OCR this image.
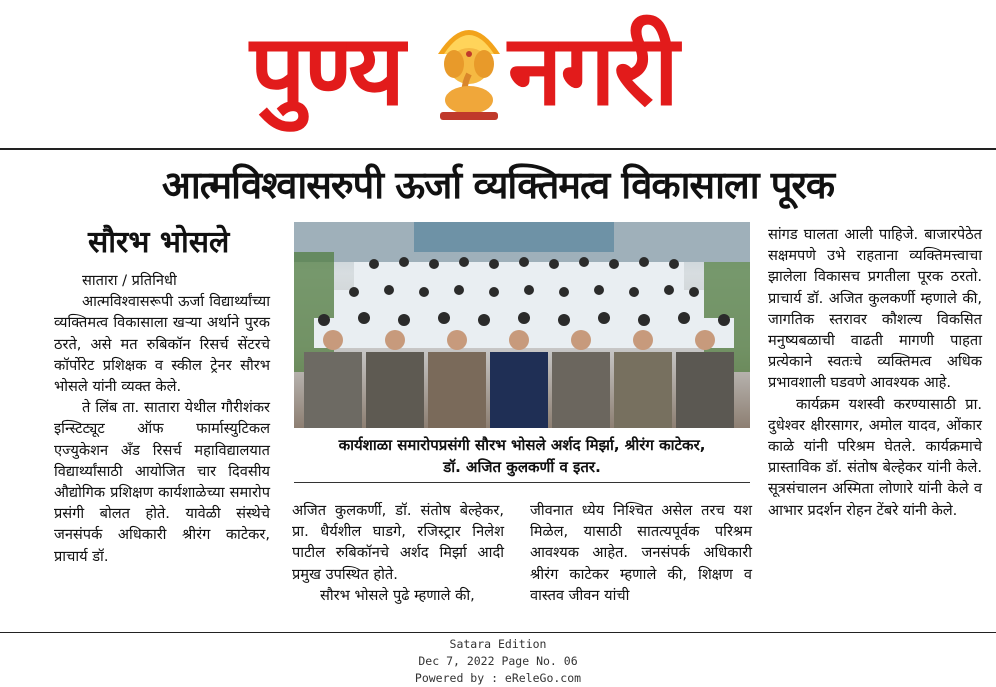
पुण्य नगरी
आत्मविश्वासरुपी ऊर्जा व्यक्तिमत्व विकासाला पूरक
सौरभ भोसले

सातारा / प्रतिनिधी

आत्मविश्वासरूपी ऊर्जा विद्यार्थ्यांच्या व्यक्तिमत्व विकासाला खऱ्या अर्थाने पुरक ठरते, असे मत रुबिकॉन रिसर्च सेंटरचे कॉर्पोरेट प्रशिक्षक व स्कील ट्रेनर सौरभ भोसले यांनी व्यक्त केले.

ते लिंब ता. सातारा येथील गौरीशंकर इन्स्टिट्यूट ऑफ फार्मास्युटिकल एज्युकेशन अँड रिसर्च महाविद्यालयात विद्यार्थ्यांसाठी आयोजित चार दिवसीय औद्योगिक प्रशिक्षण कार्यशाळेच्या समारोप प्रसंगी बोलत होते. यावेळी संस्थेचे जनसंपर्क अधिकारी श्रीरंग काटेकर, प्राचार्य डॉ.

कार्यशाळा समारोपप्रसंगी सौरभ भोसले अर्शद मिर्झा, श्रीरंग काटेकर,
डॉ. अजित कुलकर्णी व इतर.

अजित कुलकर्णी, डॉ. संतोष बेल्हेकर, प्रा. धैर्यशील घाडगे, रजिस्ट्रार निलेश पाटील रुबिकॉनचे अर्शद मिर्झा आदी प्रमुख उपस्थित होते.

सौरभ भोसले पुढे म्हणाले की,

जीवनात ध्येय निश्चित असेल तरच यश मिळेल, यासाठी सातत्यपूर्वक परिश्रम आवश्यक आहेत. जनसंपर्क अधिकारी श्रीरंग काटेकर म्हणाले की, शिक्षण व वास्तव जीवन यांची

सांगड घालता आली पाहिजे. बाजारपेठेत सक्षमपणे उभे राहताना व्यक्तिमत्त्वाचा झालेला विकासच प्रगतीला पूरक ठरतो. प्राचार्य डॉ. अजित कुलकर्णी म्हणाले की, जागतिक स्तरावर कौशल्य विकसित मनुष्यबळाची वाढती मागणी पाहता प्रत्येकाने स्वतःचे व्यक्तिमत्व अधिक प्रभावशाली घडवणे आवश्यक आहे.

कार्यक्रम यशस्वी करण्यासाठी प्रा. दुधेश्वर क्षीरसागर, अमोल यादव, ओंकार काळे यांनी परिश्रम घेतले. कार्यक्रमाचे प्रास्ताविक डॉ. संतोष बेल्हेकर यांनी केले. सूत्रसंचालन अस्मिता लोणारे यांनी केले व आभार प्रदर्शन रोहन टेंबरे यांनी केले.

Satara Edition
Dec 7, 2022 Page No. 06
Powered by : eReleGo.com
